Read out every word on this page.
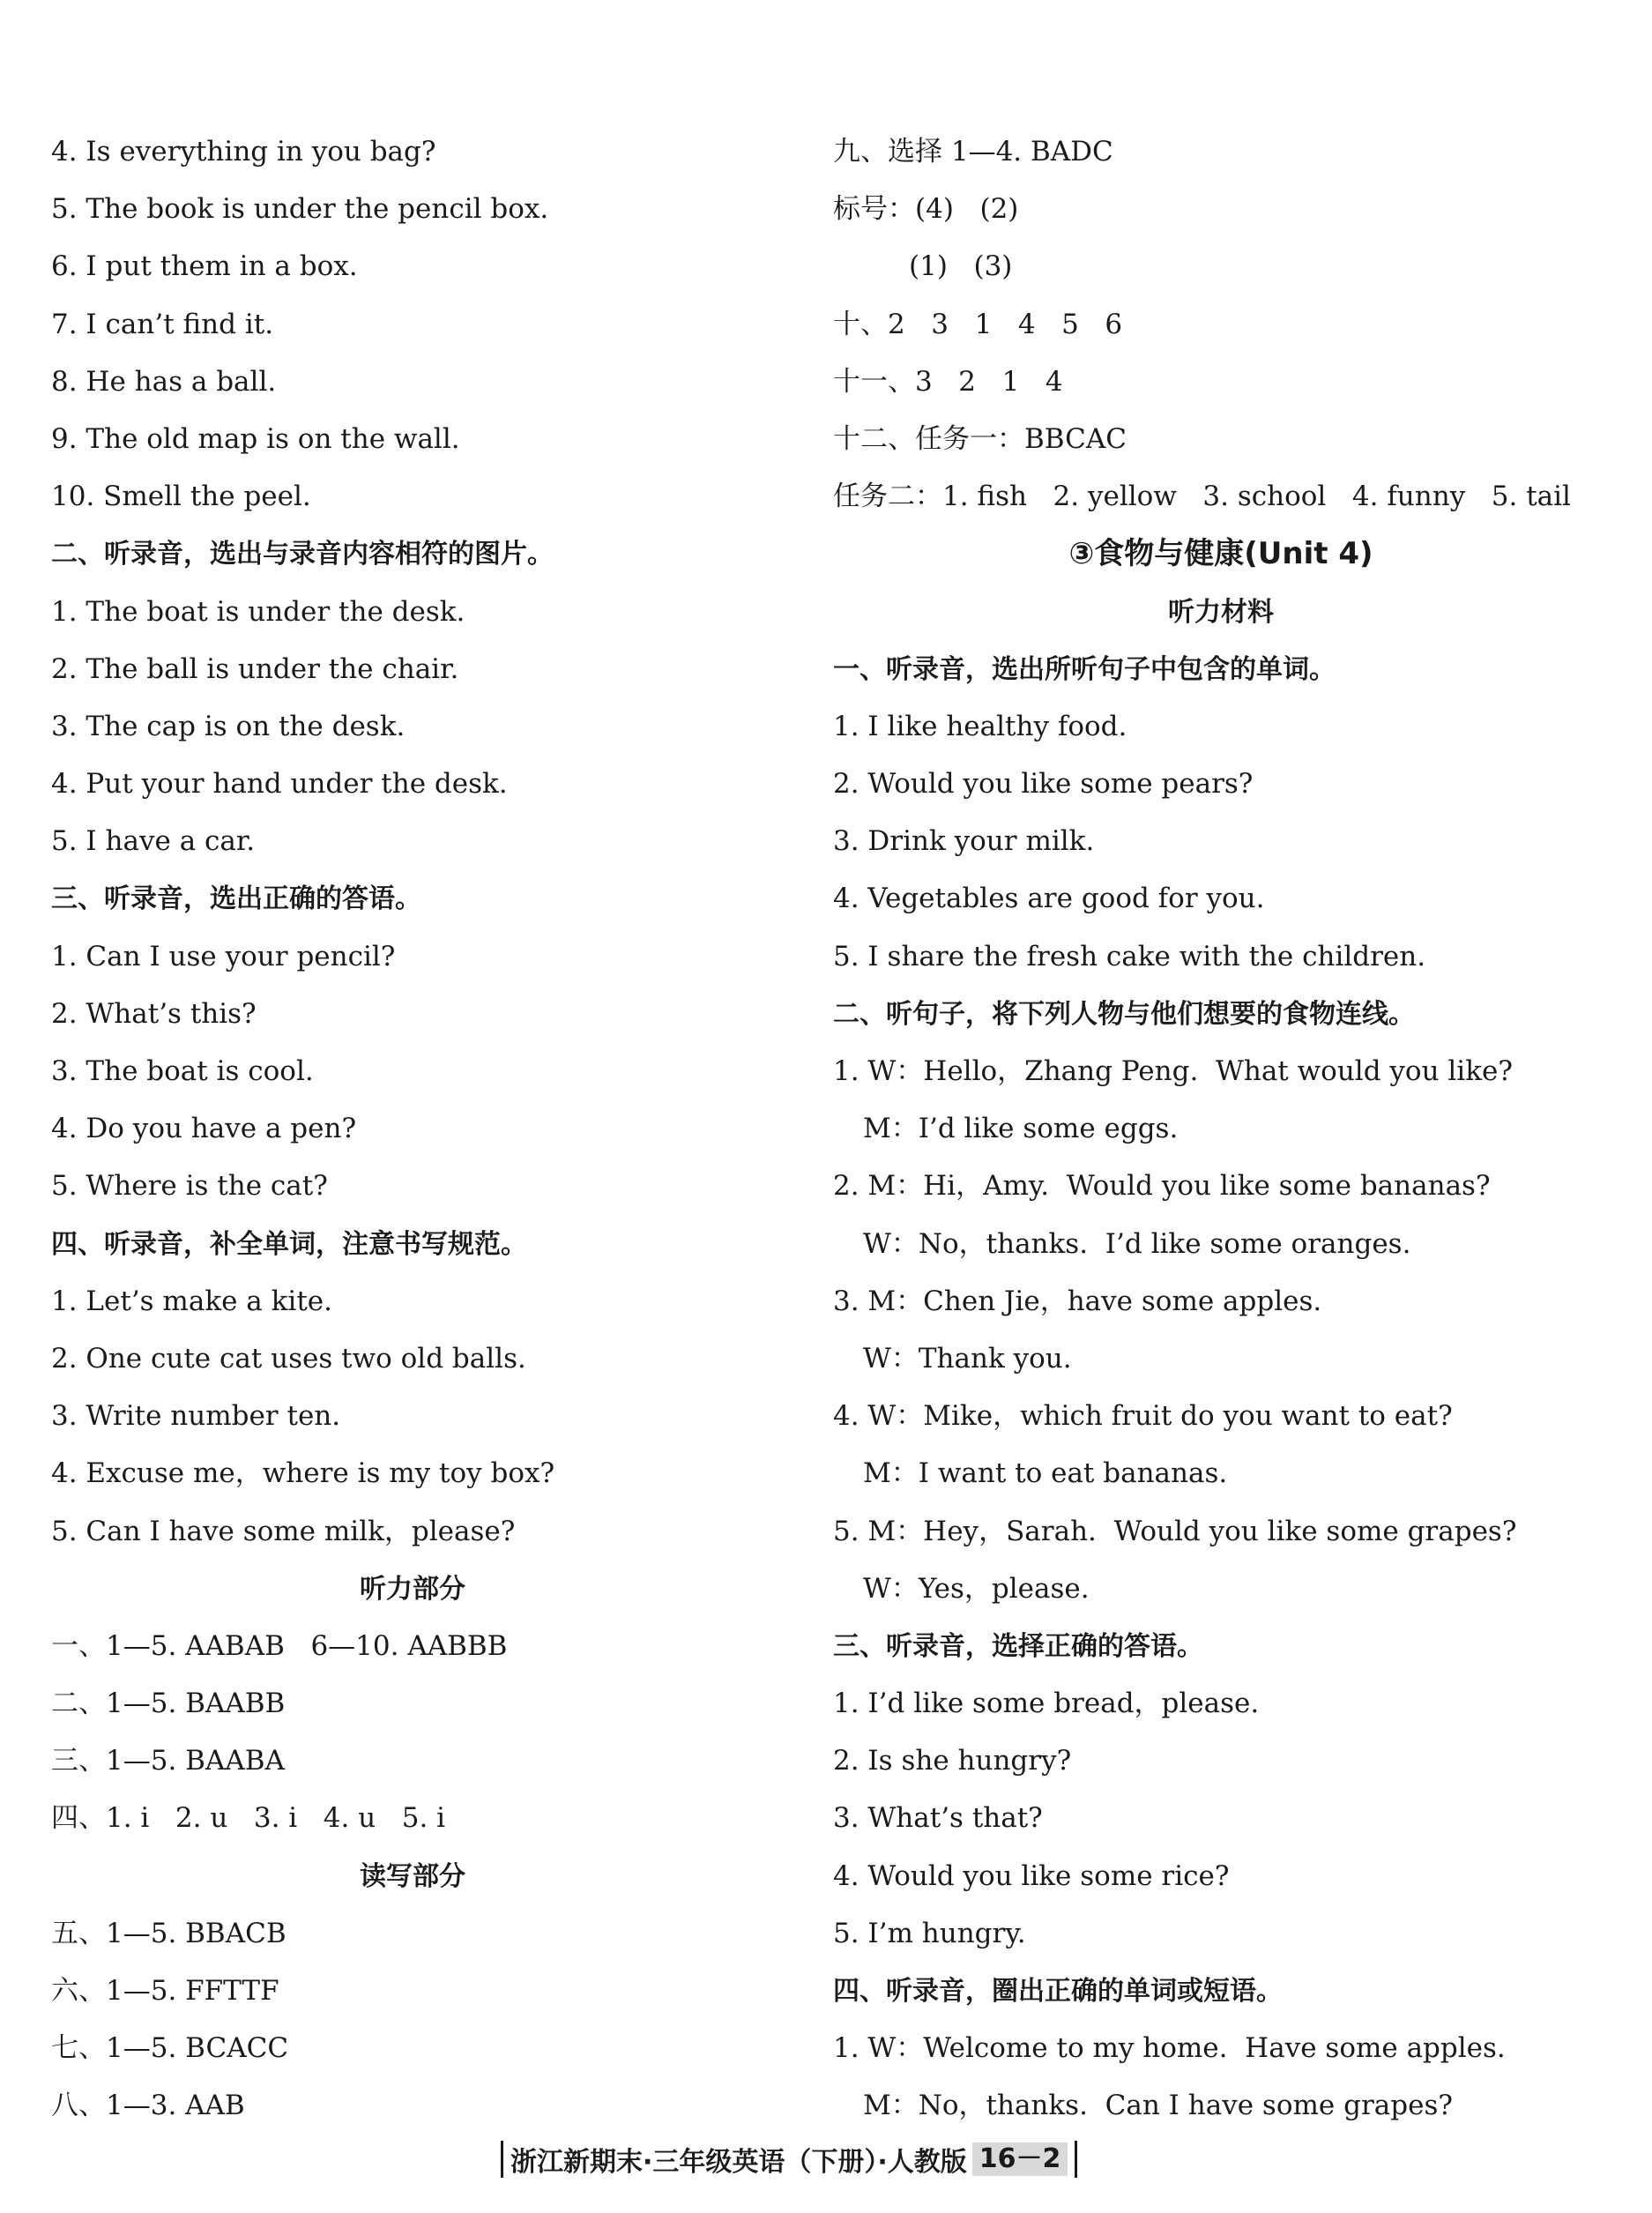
4. Is everything in you bag?
5. The book is under the pencil box.
6. I put them in a box.
7. I can’t find it.
8. He has a ball.
9. The old map is on the wall.
10. Smell the peel.
二、听录音，选出与录音内容相符的图片。
1. The boat is under the desk.
2. The ball is under the chair.
3. The cap is on the desk.
4. Put your hand under the desk.
5. I have a car.
三、听录音，选出正确的答语。
1. Can I use your pencil?
2. What’s this?
3. The boat is cool.
4. Do you have a pen?
5. Where is the cat?
四、听录音，补全单词，注意书写规范。
1. Let’s make a kite.
2. One cute cat uses two old balls.
3. Write number ten.
4. Excuse me，where is my toy box?
5. Can I have some milk，please?
听力部分
一、1—5. AABAB   6—10. AABBB
二、1—5. BAABB
三、1—5. BAABA
四、1. i   2. u   3. i   4. u   5. i
读写部分
五、1—5. BBACB
六、1—5. FFTTF
七、1—5. BCACC
八、1—3. AAB
九、选择 1—4. BADC
标号：(4)   (2)
(1)   (3)
十、2   3   1   4   5   6
十一、3   2   1   4
十二、任务一：BBCAC
任务二：1. fish   2. yellow   3. school   4. funny   5. tail
③食物与健康(Unit 4)
听力材料
一、听录音，选出所听句子中包含的单词。
1. I like healthy food.
2. Would you like some pears?
3. Drink your milk.
4. Vegetables are good for you.
5. I share the fresh cake with the children.
二、听句子，将下列人物与他们想要的食物连线。
1. W：Hello，Zhang Peng.  What would you like?
M：I’d like some eggs.
2. M：Hi，Amy.  Would you like some bananas?
W：No，thanks.  I’d like some oranges.
3. M：Chen Jie，have some apples.
W：Thank you.
4. W：Mike，which fruit do you want to eat?
M：I want to eat bananas.
5. M：Hey，Sarah.  Would you like some grapes?
W：Yes，please.
三、听录音，选择正确的答语。
1. I’d like some bread，please.
2. Is she hungry?
3. What’s that?
4. Would you like some rice?
5. I’m hungry.
四、听录音，圈出正确的单词或短语。
1. W：Welcome to my home.  Have some apples.
M：No，thanks.  Can I have some grapes?
浙江新期末·三年级英语（下册）·人教版 16－2
